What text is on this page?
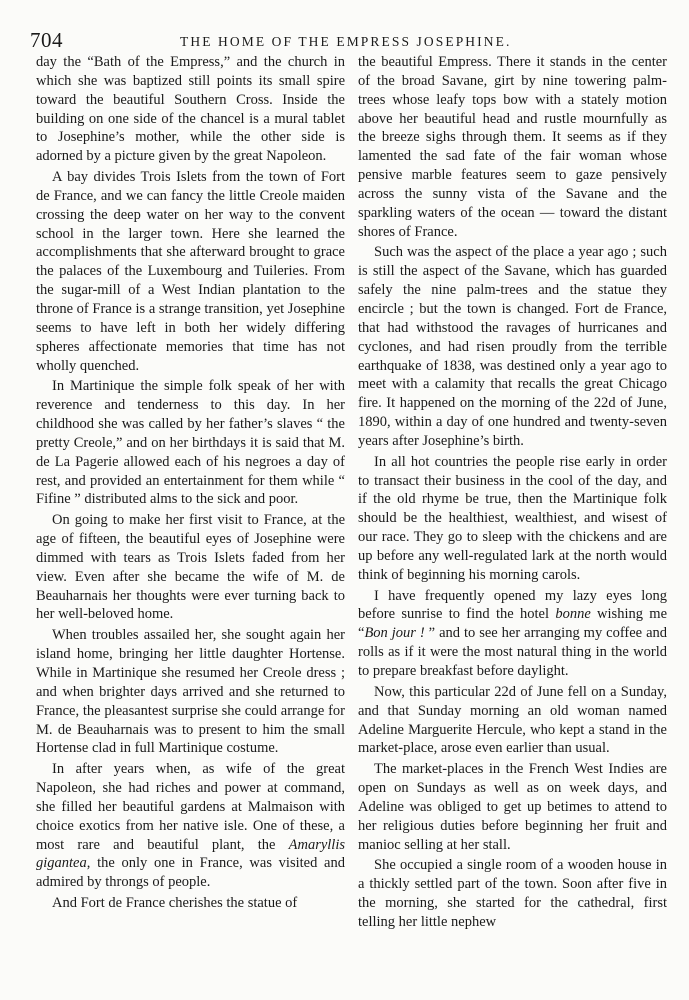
704	THE HOME OF THE EMPRESS JOSEPHINE.

day the “Bath of the Empress,” and the church in which she was baptized still points its small spire toward the beautiful Southern Cross. Inside the building on one side of the chancel is a mural tablet to Josephine’s mother, while the other side is adorned by a picture given by the great Napoleon.

A bay divides Trois Islets from the town of Fort de France, and we can fancy the little Creole maiden crossing the deep water on her way to the convent school in the larger town. Here she learned the accomplishments that she afterward brought to grace the palaces of the Luxembourg and Tuileries. From the sugar-mill of a West Indian plantation to the throne of France is a strange transition, yet Josephine seems to have left in both her widely differing spheres affectionate memories that time has not wholly quenched.

In Martinique the simple folk speak of her with reverence and tenderness to this day. In her childhood she was called by her father’s slaves “ the pretty Creole,” and on her birthdays it is said that M. de La Pagerie allowed each of his negroes a day of rest, and provided an entertainment for them while “ Fifine ” distributed alms to the sick and poor.

On going to make her first visit to France, at the age of fifteen, the beautiful eyes of Josephine were dimmed with tears as Trois Islets faded from her view. Even after she became the wife of M. de Beauharnais her thoughts were ever turning back to her well-beloved home.

When troubles assailed her, she sought again her island home, bringing her little daughter Hortense. While in Martinique she resumed her Creole dress ; and when brighter days arrived and she returned to France, the pleasantest surprise she could arrange for M. de Beauharnais was to present to him the small Hortense clad in full Martinique costume.

In after years when, as wife of the great Napoleon, she had riches and power at command, she filled her beautiful gardens at Malmaison with choice exotics from her native isle. One of these, a most rare and beautiful plant, the Amaryllis gigantea, the only one in France, was visited and admired by throngs of people.

And Fort de France cherishes the statue of

the beautiful Empress. There it stands in the center of the broad Savane, girt by nine towering palm-trees whose leafy tops bow with a stately motion above her beautiful head and rustle mournfully as the breeze sighs through them. It seems as if they lamented the sad fate of the fair woman whose pensive marble features seem to gaze pensively across the sunny vista of the Savane and the sparkling waters of the ocean — toward the distant shores of France.

Such was the aspect of the place a year ago ; such is still the aspect of the Savane, which has guarded safely the nine palm-trees and the statue they encircle ; but the town is changed. Fort de France, that had withstood the ravages of hurricanes and cyclones, and had risen proudly from the terrible earthquake of 1838, was destined only a year ago to meet with a calamity that recalls the great Chicago fire. It happened on the morning of the 22d of June, 1890, within a day of one hundred and twenty-seven years after Josephine’s birth.

In all hot countries the people rise early in order to transact their business in the cool of the day, and if the old rhyme be true, then the Martinique folk should be the healthiest, wealthiest, and wisest of our race. They go to sleep with the chickens and are up before any well-regulated lark at the north would think of beginning his morning carols.

I have frequently opened my lazy eyes long before sunrise to find the hotel bonne wishing me “Bon jour ! ” and to see her arranging my coffee and rolls as if it were the most natural thing in the world to prepare breakfast before daylight.

Now, this particular 22d of June fell on a Sunday, and that Sunday morning an old woman named Adeline Marguerite Hercule, who kept a stand in the market-place, arose even earlier than usual.

The market-places in the French West Indies are open on Sundays as well as on week days, and Adeline was obliged to get up betimes to attend to her religious duties before beginning her fruit and manioc selling at her stall.

She occupied a single room of a wooden house in a thickly settled part of the town. Soon after five in the morning, she started for the cathedral, first telling her little nephew
